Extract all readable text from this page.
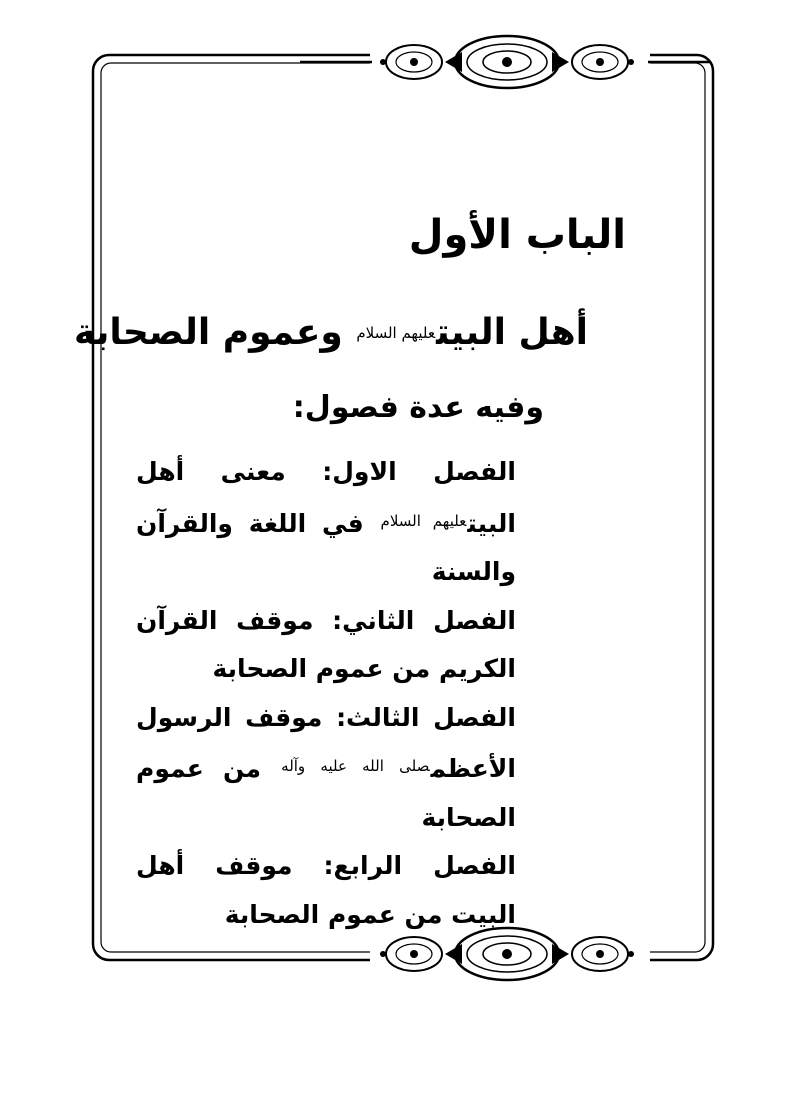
الباب الأول
أهل البيتعليهم السلام وعموم الصحابة
وفيه عدة فصول:

الفصل الاول: معنى أهل البيت$^{عليهم السلام}$ في اللغة والقرآن والسنة

الفصل الثاني: موقف القرآن الكريم من عموم الصحابة

الفصل الثالث: موقف الرسول الأعظم$^{صلى الله عليه وآله}$ من عموم الصحابة

الفصل الرابع: موقف أهل البيت من عموم الصحابة
